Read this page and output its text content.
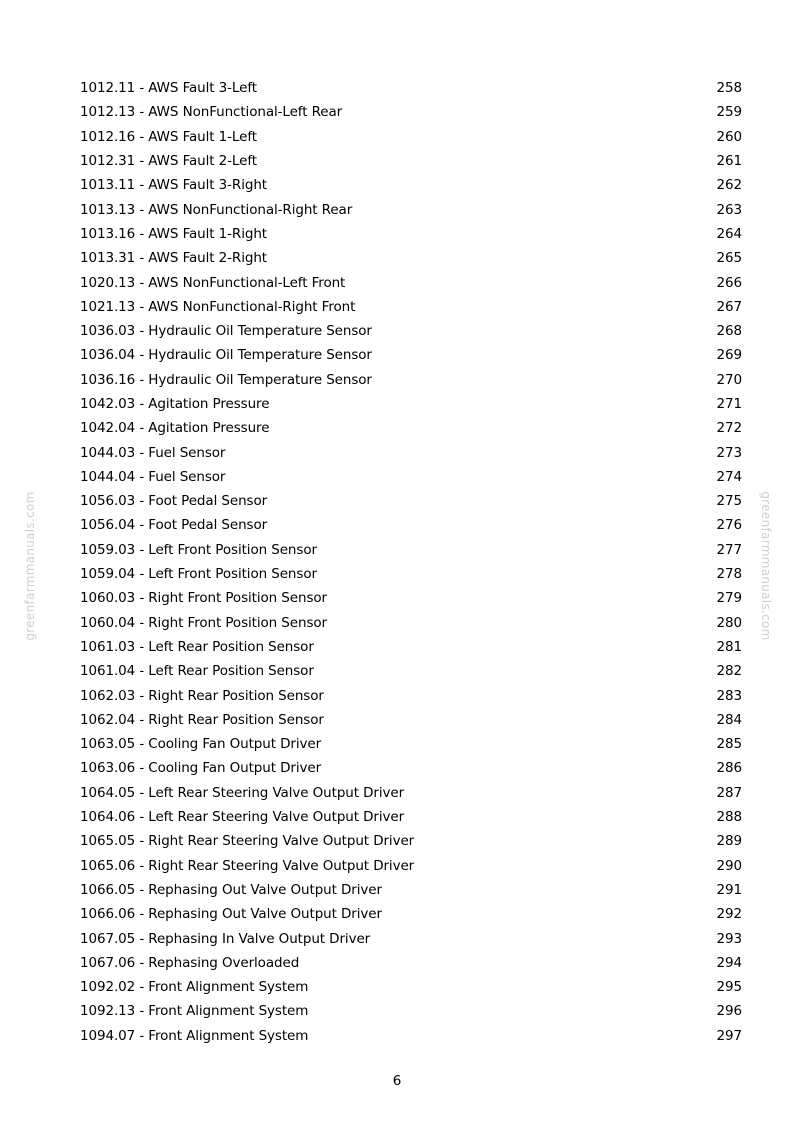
1012.11 - AWS Fault 3-Left	258
1012.13 - AWS NonFunctional-Left Rear	259
1012.16 - AWS Fault 1-Left	260
1012.31 - AWS Fault 2-Left	261
1013.11 - AWS Fault 3-Right	262
1013.13 - AWS NonFunctional-Right Rear	263
1013.16 - AWS Fault 1-Right	264
1013.31 - AWS Fault 2-Right	265
1020.13 - AWS NonFunctional-Left Front	266
1021.13 - AWS NonFunctional-Right Front	267
1036.03 - Hydraulic Oil Temperature Sensor	268
1036.04 - Hydraulic Oil Temperature Sensor	269
1036.16 - Hydraulic Oil Temperature Sensor	270
1042.03 - Agitation Pressure	271
1042.04 - Agitation Pressure	272
1044.03 - Fuel Sensor	273
1044.04 - Fuel Sensor	274
1056.03 - Foot Pedal Sensor	275
1056.04 - Foot Pedal Sensor	276
1059.03 - Left Front Position Sensor	277
1059.04 - Left Front Position Sensor	278
1060.03 - Right Front Position Sensor	279
1060.04 - Right Front Position Sensor	280
1061.03 - Left Rear Position Sensor	281
1061.04 - Left Rear Position Sensor	282
1062.03 - Right Rear Position Sensor	283
1062.04 - Right Rear Position Sensor	284
1063.05 - Cooling Fan Output Driver	285
1063.06 - Cooling Fan Output Driver	286
1064.05 - Left Rear Steering Valve Output Driver	287
1064.06 - Left Rear Steering Valve Output Driver	288
1065.05 - Right Rear Steering Valve Output Driver	289
1065.06 - Right Rear Steering Valve Output Driver	290
1066.05 - Rephasing Out Valve Output Driver	291
1066.06 - Rephasing Out Valve Output Driver	292
1067.05 - Rephasing In Valve Output Driver	293
1067.06 - Rephasing Overloaded	294
1092.02 - Front Alignment System	295
1092.13 - Front Alignment System	296
1094.07 - Front Alignment System	297
greenfarmmanuals.com	greenfarmmanuals.com
6
